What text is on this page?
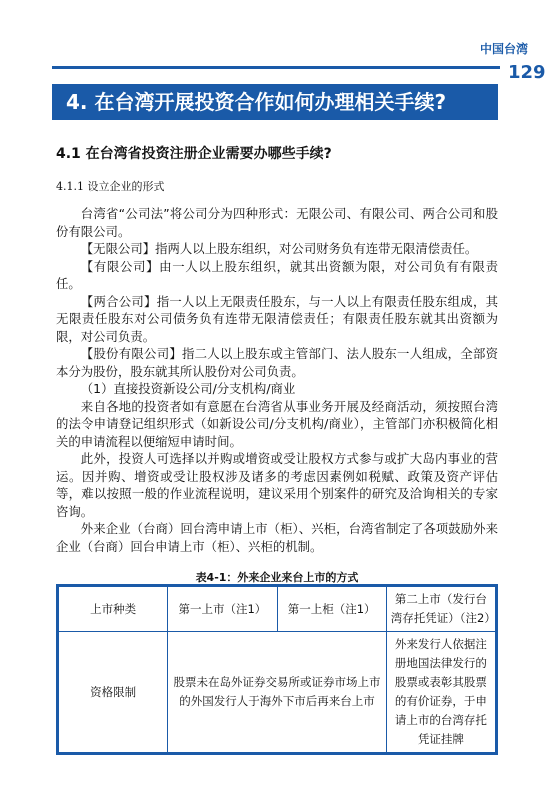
中国台湾
129
4. 在台湾开展投资合作如何办理相关手续?
4.1 在台湾省投资注册企业需要办哪些手续?
4.1.1 设立企业的形式

台湾省“公司法”将公司分为四种形式：无限公司、有限公司、两合公司和股份有限公司。

【无限公司】指两人以上股东组织，对公司财务负有连带无限清偿责任。

【有限公司】由一人以上股东组织，就其出资额为限，对公司负有有限责任。

【两合公司】指一人以上无限责任股东，与一人以上有限责任股东组成，其无限责任股东对公司债务负有连带无限清偿责任；有限责任股东就其出资额为限，对公司负责。

【股份有限公司】指二人以上股东或主管部门、法人股东一人组成，全部资本分为股份，股东就其所认股份对公司负责。

（1）直接投资新设公司/分支机构/商业

来自各地的投资者如有意愿在台湾省从事业务开展及经商活动，须按照台湾的法令申请登记组织形式（如新设公司/分支机构/商业），主管部门亦积极简化相关的申请流程以便缩短申请时间。

此外，投资人可选择以并购或增资或受让股权方式参与或扩大岛内事业的营运。因并购、增资或受让股权涉及诸多的考虑因素例如税赋、政策及资产评估等，难以按照一般的作业流程说明，建议采用个别案件的研究及洽询相关的专家咨询。

外来企业（台商）回台湾申请上市（柜）、兴柜，台湾省制定了各项鼓励外来企业（台商）回台申请上市（柜）、兴柜的机制。

表4-1：外来企业来台上市的方式
上市种类	第一上市（注1）	第一上柜（注1）	第二上市（发行台湾存托凭证）（注2）
资格限制	股票未在岛外证券交易所或证券市场上市的外国发行人于海外下市后再来台上市		外来发行人依据注册地国法律发行的股票或表彰其股票的有价证券，于申请上市的台湾存托凭证挂牌
